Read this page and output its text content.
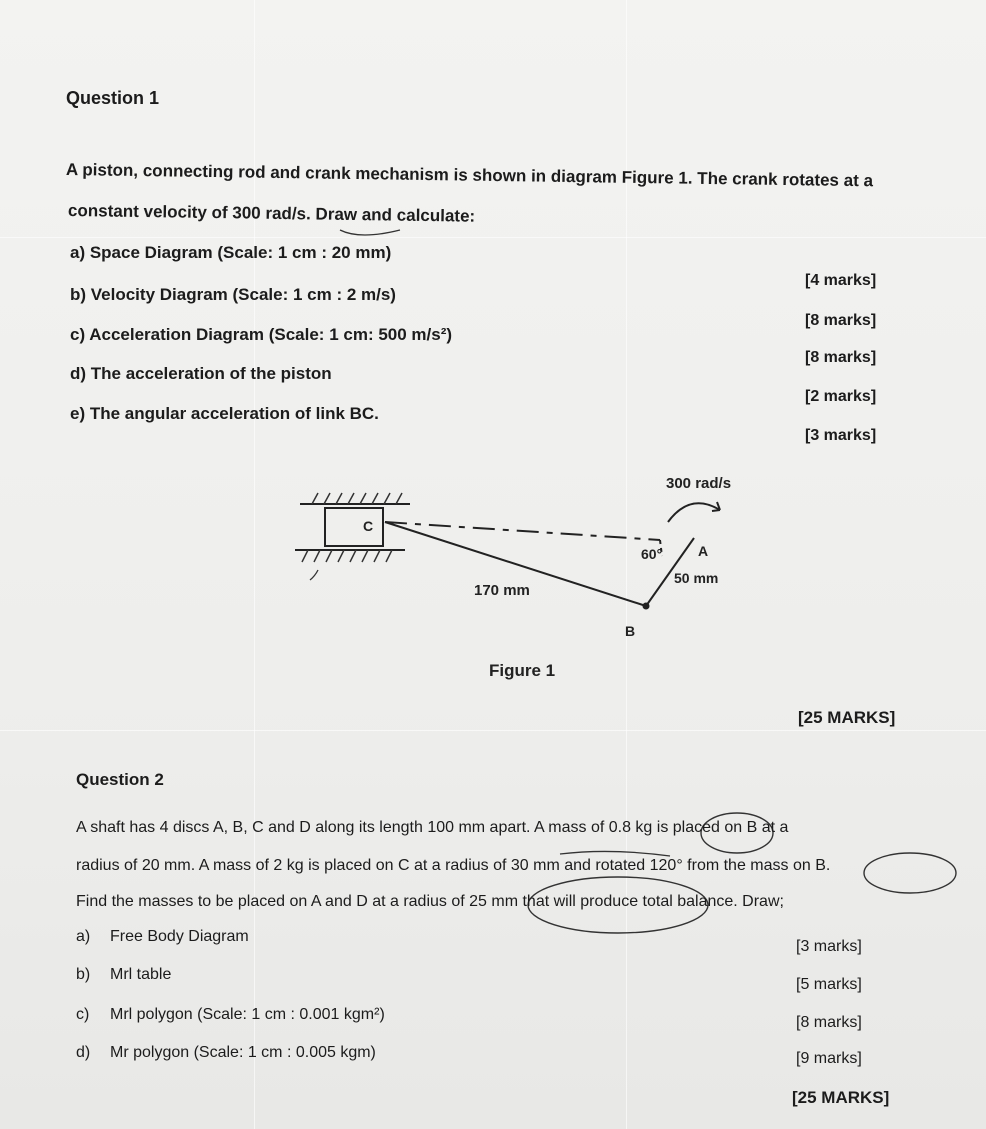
Question 1
A piston, connecting rod and crank mechanism is shown in diagram Figure 1. The crank rotates at a
constant velocity of 300 rad/s. Draw and calculate:
a) Space Diagram (Scale: 1 cm : 20 mm)
b) Velocity Diagram (Scale: 1 cm : 2 m/s)
c) Acceleration Diagram (Scale: 1 cm: 500 m/s²)
d) The acceleration of the piston
e) The angular acceleration of link BC.
[4 marks]
[8 marks]
[8 marks]
[2 marks]
[3 marks]
C
300 rad/s
60°	A
50 mm
170 mm
B
Figure 1
[25 MARKS]
Question 2
A shaft has 4 discs A, B, C and D along its length 100 mm apart. A mass of 0.8 kg is placed on B at a
radius of 20 mm. A mass of 2 kg is placed on C at a radius of 30 mm and rotated 120° from the mass on B.
Find the masses to be placed on A and D at a radius of 25 mm that will produce total balance. Draw;
a) Free Body Diagram
b) Mrl table
c) Mrl polygon (Scale: 1 cm : 0.001 kgm²)
d) Mr polygon (Scale: 1 cm : 0.005 kgm)
[3 marks]
[5 marks]
[8 marks]
[9 marks]
[25 MARKS]
